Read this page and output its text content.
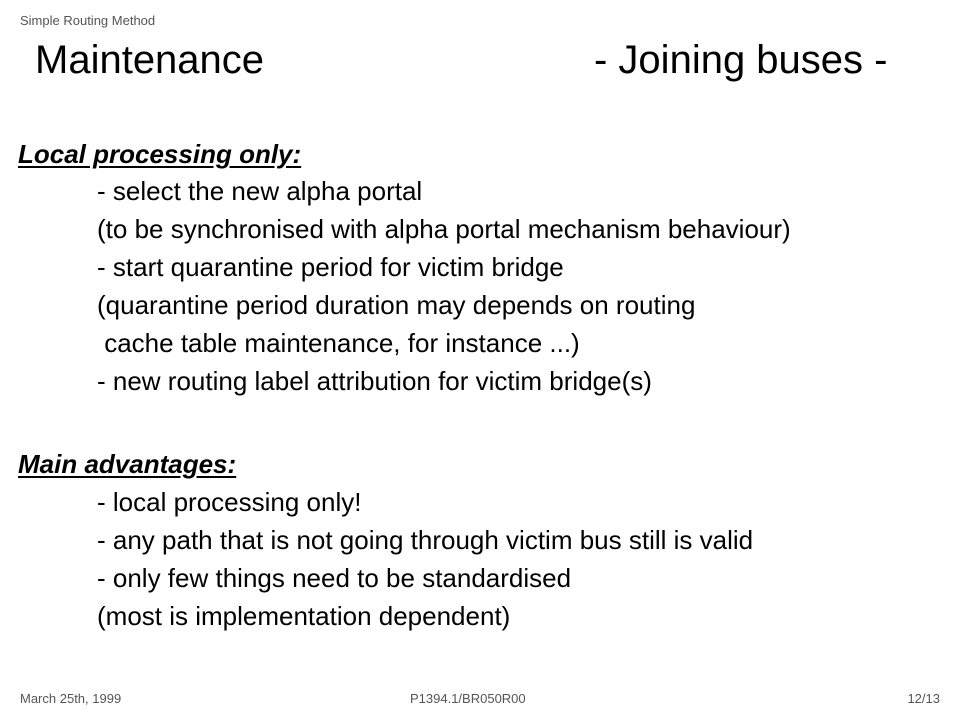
Simple Routing Method
Maintenance	- Joining buses -
Local processing only:
- select the new alpha portal
(to be synchronised with alpha portal mechanism behaviour)
- start quarantine period for victim bridge
(quarantine period duration may depends on routing
cache table maintenance, for instance ...)
- new routing label attribution for victim bridge(s)
Main advantages:
- local processing only!
- any path that is not going through victim bus still is valid
- only few things need to be standardised
(most is implementation dependent)
March 25th, 1999	P1394.1/BR050R00	12/13
